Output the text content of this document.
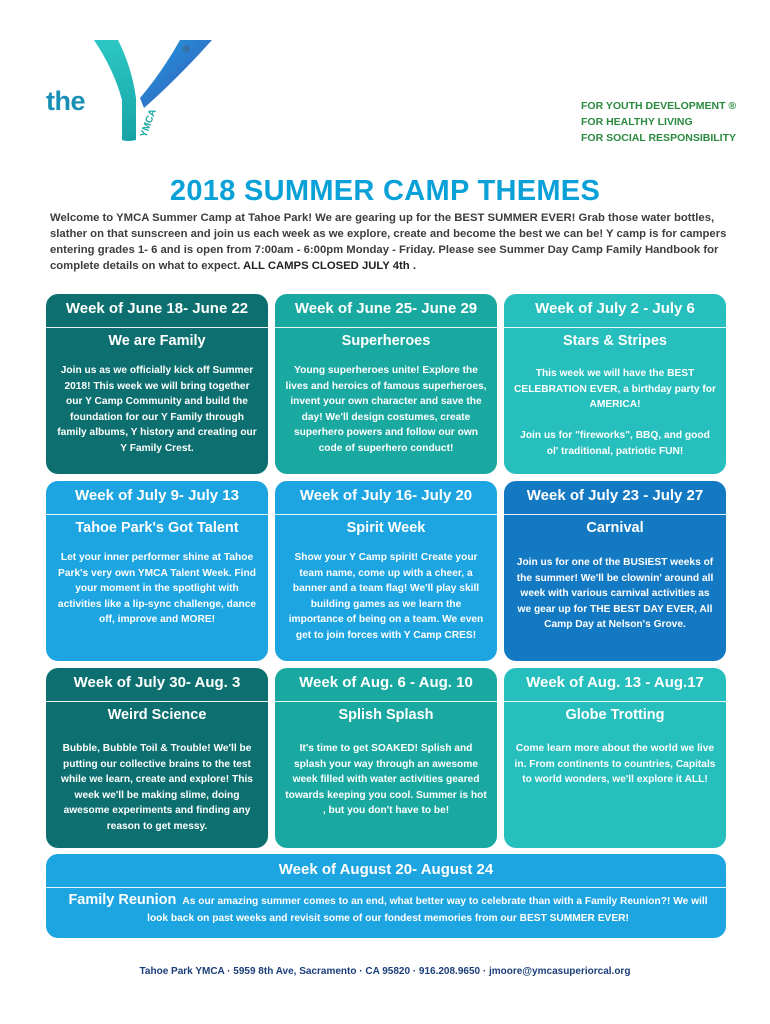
the
YMCA
®
FOR YOUTH DEVELOPMENT ®
FOR HEALTHY LIVING
FOR SOCIAL RESPONSIBILITY
2018 SUMMER CAMP THEMES
Welcome to YMCA Summer Camp at Tahoe Park! We are gearing up for the BEST SUMMER EVER! Grab those water bottles, slather on that sunscreen and join us each week as we explore, create and become the best we can be! Y camp is for campers entering grades 1- 6 and is open from 7:00am - 6:00pm Monday - Friday. Please see Summer Day Camp Family Handbook for complete details on what to expect. ALL CAMPS CLOSED JULY 4th .
Week of June 18- June 22
We are Family
Join us as we officially kick off Summer 2018! This week we will bring together our Y Camp Community and build the foundation for our Y Family through family albums, Y history and creating our Y Family Crest.
Week of June 25- June 29
Superheroes
Young superheroes unite! Explore the lives and heroics of famous superheroes, invent your own character and save the day! We'll design costumes, create superhero powers and follow our own code of superhero conduct!
Week of July 2 - July 6
Stars & Stripes
This week we will have the BEST CELEBRATION EVER, a birthday party for AMERICA!

Join us for "fireworks", BBQ, and good ol' traditional, patriotic FUN!
Week of July 9- July 13
Tahoe Park's Got Talent
Let your inner performer shine at Tahoe Park's very own YMCA Talent Week. Find your moment in the spotlight with activities like a lip-sync challenge, dance off, improve and MORE!
Week of July 16- July 20
Spirit Week
Show your Y Camp spirit! Create your team name, come up with a cheer, a banner and a team flag! We'll play skill building games as we learn the importance of being on a team. We even get to join forces with Y Camp CRES!
Week of July 23 - July 27
Carnival
Join us for one of the BUSIEST weeks of the summer! We'll be clownin' around all week with various carnival activities as we gear up for THE BEST DAY EVER, All Camp Day at Nelson's Grove.
Week of July 30- Aug. 3
Weird Science
Bubble, Bubble Toil & Trouble! We'll be putting our collective brains to the test while we learn, create and explore! This week we'll be making slime, doing awesome experiments and finding any reason to get messy.
Week of Aug. 6 - Aug. 10
Splish Splash
It's time to get SOAKED! Splish and splash your way through an awesome week filled with water activities geared towards keeping you cool. Summer is hot , but you don't have to be!
Week of Aug. 13 - Aug.17
Globe Trotting
Come learn more about the world we live in. From continents to countries, Capitals to world wonders, we'll explore it ALL!
Week of August 20- August 24
Family Reunion As our amazing summer comes to an end, what better way to celebrate than with a Family Reunion?! We will look back on past weeks and revisit some of our fondest memories from our BEST SUMMER EVER!
Tahoe Park YMCA · 5959 8th Ave, Sacramento · CA 95820 · 916.208.9650 · jmoore@ymcasuperiorcal.org
